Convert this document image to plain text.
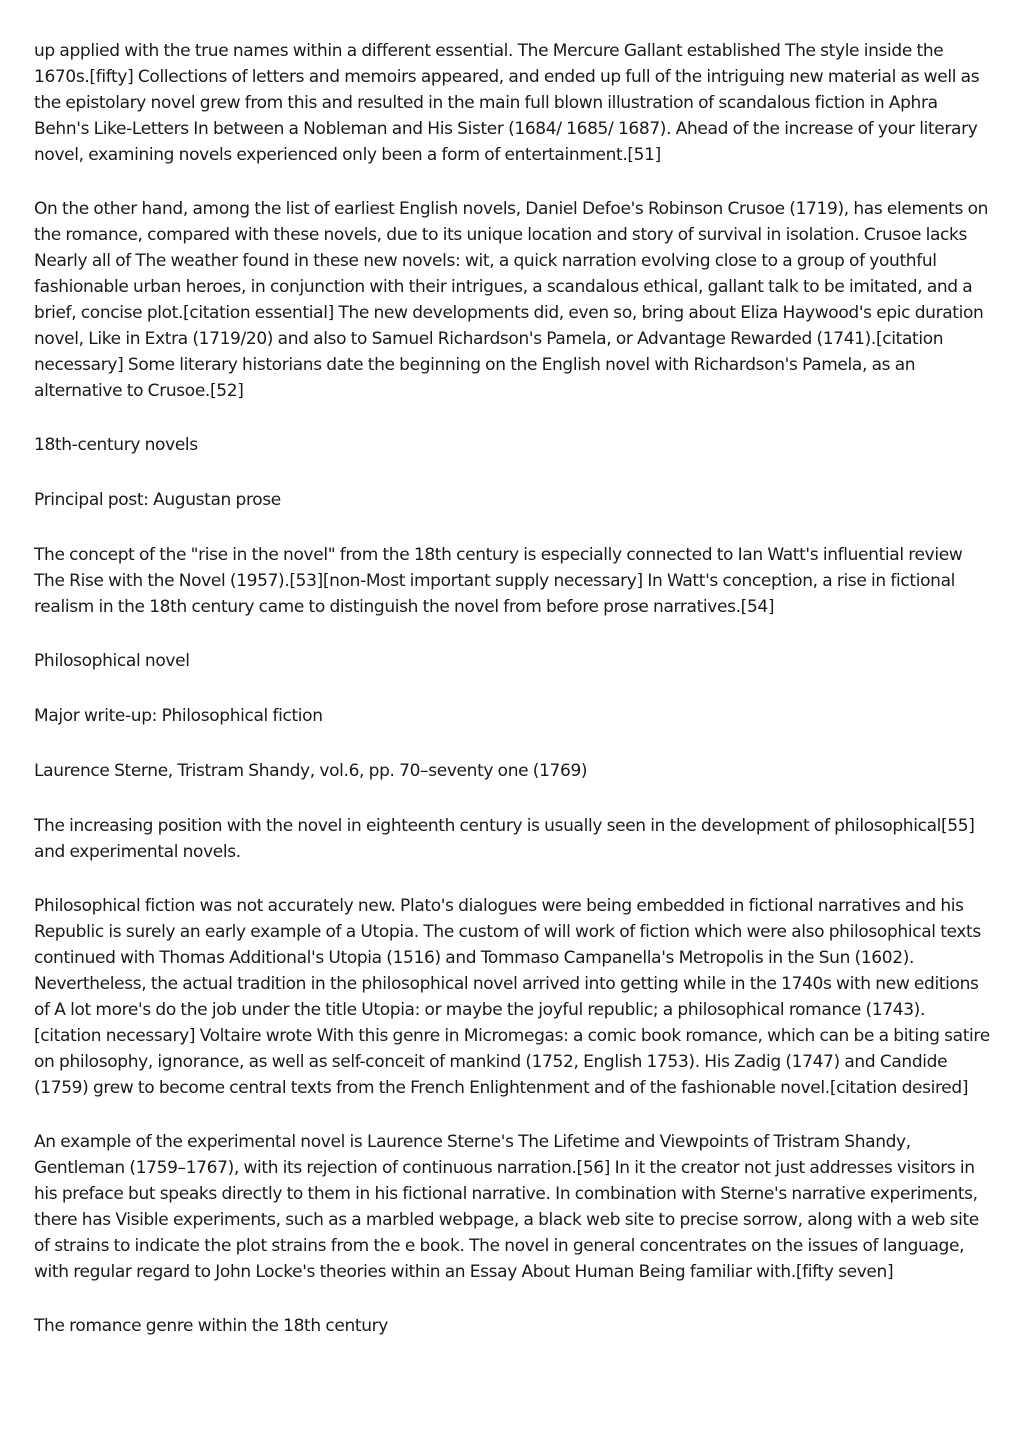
up applied with the true names within a different essential. The Mercure Gallant established The style inside the 1670s.[fifty] Collections of letters and memoirs appeared, and ended up full of the intriguing new material as well as the epistolary novel grew from this and resulted in the main full blown illustration of scandalous fiction in Aphra Behn's Like-Letters In between a Nobleman and His Sister (1684/ 1685/ 1687). Ahead of the increase of your literary novel, examining novels experienced only been a form of entertainment.[51]

On the other hand, among the list of earliest English novels, Daniel Defoe's Robinson Crusoe (1719), has elements on the romance, compared with these novels, due to its unique location and story of survival in isolation. Crusoe lacks Nearly all of The weather found in these new novels: wit, a quick narration evolving close to a group of youthful fashionable urban heroes, in conjunction with their intrigues, a scandalous ethical, gallant talk to be imitated, and a brief, concise plot.[citation essential] The new developments did, even so, bring about Eliza Haywood's epic duration novel, Like in Extra (1719/20) and also to Samuel Richardson's Pamela, or Advantage Rewarded (1741).[citation necessary] Some literary historians date the beginning on the English novel with Richardson's Pamela, as an alternative to Crusoe.[52]

18th-century novels

Principal post: Augustan prose

The concept of the "rise in the novel" from the 18th century is especially connected to Ian Watt's influential review The Rise with the Novel (1957).[53][non-Most important supply necessary] In Watt's conception, a rise in fictional realism in the 18th century came to distinguish the novel from before prose narratives.[54]

Philosophical novel

Major write-up: Philosophical fiction

Laurence Sterne, Tristram Shandy, vol.6, pp. 70–seventy one (1769)

The increasing position with the novel in eighteenth century is usually seen in the development of philosophical[55] and experimental novels.

Philosophical fiction was not accurately new. Plato's dialogues were being embedded in fictional narratives and his Republic is surely an early example of a Utopia. The custom of will work of fiction which were also philosophical texts continued with Thomas Additional's Utopia (1516) and Tommaso Campanella's Metropolis in the Sun (1602). Nevertheless, the actual tradition in the philosophical novel arrived into getting while in the 1740s with new editions of A lot more's do the job under the title Utopia: or maybe the joyful republic; a philosophical romance (1743).[citation necessary] Voltaire wrote With this genre in Micromegas: a comic book romance, which can be a biting satire on philosophy, ignorance, as well as self-conceit of mankind (1752, English 1753). His Zadig (1747) and Candide (1759) grew to become central texts from the French Enlightenment and of the fashionable novel.[citation desired]

An example of the experimental novel is Laurence Sterne's The Lifetime and Viewpoints of Tristram Shandy, Gentleman (1759–1767), with its rejection of continuous narration.[56] In it the creator not just addresses visitors in his preface but speaks directly to them in his fictional narrative. In combination with Sterne's narrative experiments, there has Visible experiments, such as a marbled webpage, a black web site to precise sorrow, along with a web site of strains to indicate the plot strains from the e book. The novel in general concentrates on the issues of language, with regular regard to John Locke's theories within an Essay About Human Being familiar with.[fifty seven]

The romance genre within the 18th century
